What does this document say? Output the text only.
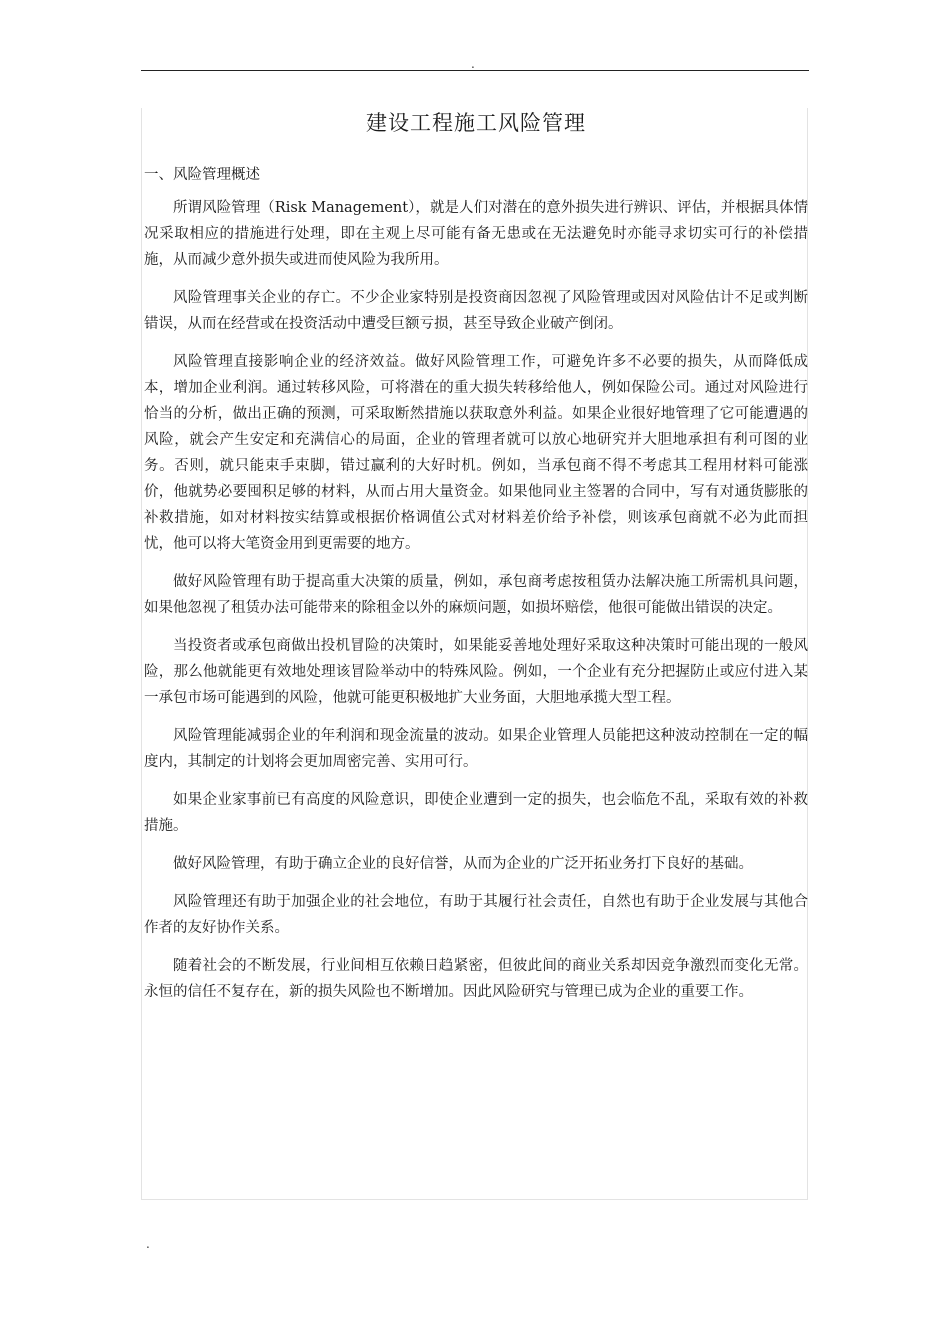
.
建设工程施工风险管理

一、风险管理概述

所谓风险管理（Risk Management），就是人们对潜在的意外损失进行辨识、评估，并根据具体情况采取相应的措施进行处理，即在主观上尽可能有备无患或在无法避免时亦能寻求切实可行的补偿措施，从而减少意外损失或进而使风险为我所用。

风险管理事关企业的存亡。不少企业家特别是投资商因忽视了风险管理或因对风险估计不足或判断错误，从而在经营或在投资活动中遭受巨额亏损，甚至导致企业破产倒闭。

风险管理直接影响企业的经济效益。做好风险管理工作，可避免许多不必要的损失，从而降低成本，增加企业利润。通过转移风险，可将潜在的重大损失转移给他人，例如保险公司。通过对风险进行恰当的分析，做出正确的预测，可采取断然措施以获取意外利益。如果企业很好地管理了它可能遭遇的风险，就会产生安定和充满信心的局面，企业的管理者就可以放心地研究并大胆地承担有利可图的业务。否则，就只能束手束脚，错过赢利的大好时机。例如，当承包商不得不考虑其工程用材料可能涨价，他就势必要囤积足够的材料，从而占用大量资金。如果他同业主签署的合同中，写有对通货膨胀的补救措施，如对材料按实结算或根据价格调值公式对材料差价给予补偿，则该承包商就不必为此而担忧，他可以将大笔资金用到更需要的地方。

做好风险管理有助于提高重大决策的质量，例如，承包商考虑按租赁办法解决施工所需机具问题，如果他忽视了租赁办法可能带来的除租金以外的麻烦问题，如损坏赔偿，他很可能做出错误的决定。

当投资者或承包商做出投机冒险的决策时，如果能妥善地处理好采取这种决策时可能出现的一般风险，那么他就能更有效地处理该冒险举动中的特殊风险。例如，一个企业有充分把握防止或应付进入某一承包市场可能遇到的风险，他就可能更积极地扩大业务面，大胆地承揽大型工程。

风险管理能减弱企业的年利润和现金流量的波动。如果企业管理人员能把这种波动控制在一定的幅度内，其制定的计划将会更加周密完善、实用可行。

如果企业家事前已有高度的风险意识，即使企业遭到一定的损失，也会临危不乱，采取有效的补救措施。

做好风险管理，有助于确立企业的良好信誉，从而为企业的广泛开拓业务打下良好的基础。

风险管理还有助于加强企业的社会地位，有助于其履行社会责任，自然也有助于企业发展与其他合作者的友好协作关系。

随着社会的不断发展，行业间相互依赖日趋紧密，但彼此间的商业关系却因竞争激烈而变化无常。永恒的信任不复存在，新的损失风险也不断增加。因此风险研究与管理已成为企业的重要工作。

.
